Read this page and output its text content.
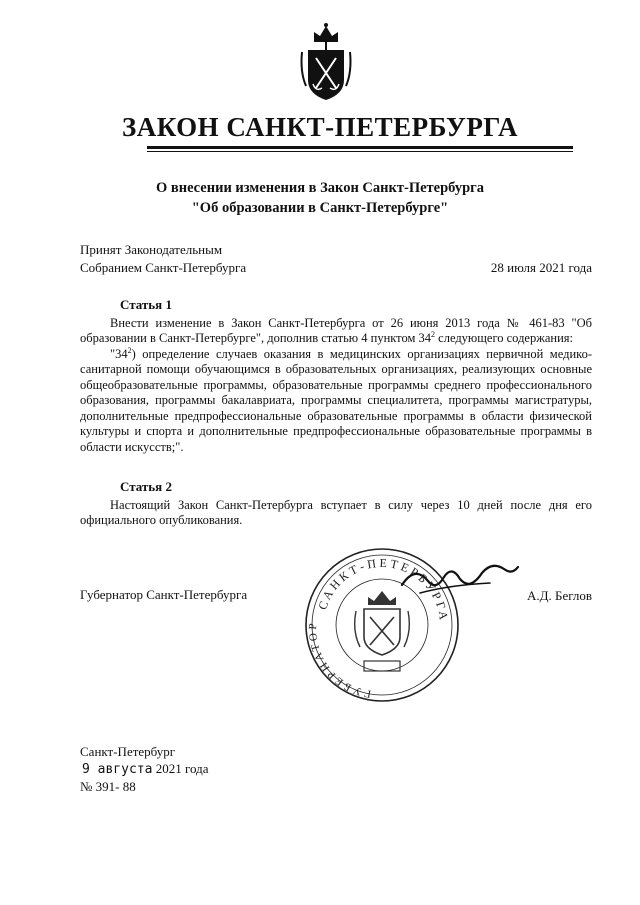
ЗАКОН САНКТ-ПЕТЕРБУРГА
О внесении изменения в Закон Санкт-Петербурга
"Об образовании в Санкт-Петербурге"
Принят Законодательным
Собранием Санкт-Петербурга	28 июля 2021 года
Статья 1

Внести изменение в Закон Санкт-Петербурга от 26 июня 2013 года № 461-83 "Об образовании в Санкт-Петербурге", дополнив статью 4 пунктом $34^2$ следующего содержания:

"$34^2$) определение случаев оказания в медицинских организациях первичной медико-санитарной помощи обучающимся в образовательных организациях, реализующих основные общеобразовательные программы, образовательные программы среднего профессионального образования, программы бакалавриата, программы специалитета, программы магистратуры, дополнительные предпрофессиональные образовательные программы в области физической культуры и спорта и дополнительные предпрофессиональные образовательные программы в области искусств;".

Статья 2

Настоящий Закон Санкт-Петербурга вступает в силу через 10 дней после дня его официального опубликования.

Губернатор Санкт-Петербурга
САНКТ-ПЕТЕРБУРГА
ГУБЕРНАТОР
А.Д. Беглов
Санкт-Петербург
9 августа 2021 года
№ 391- 88
